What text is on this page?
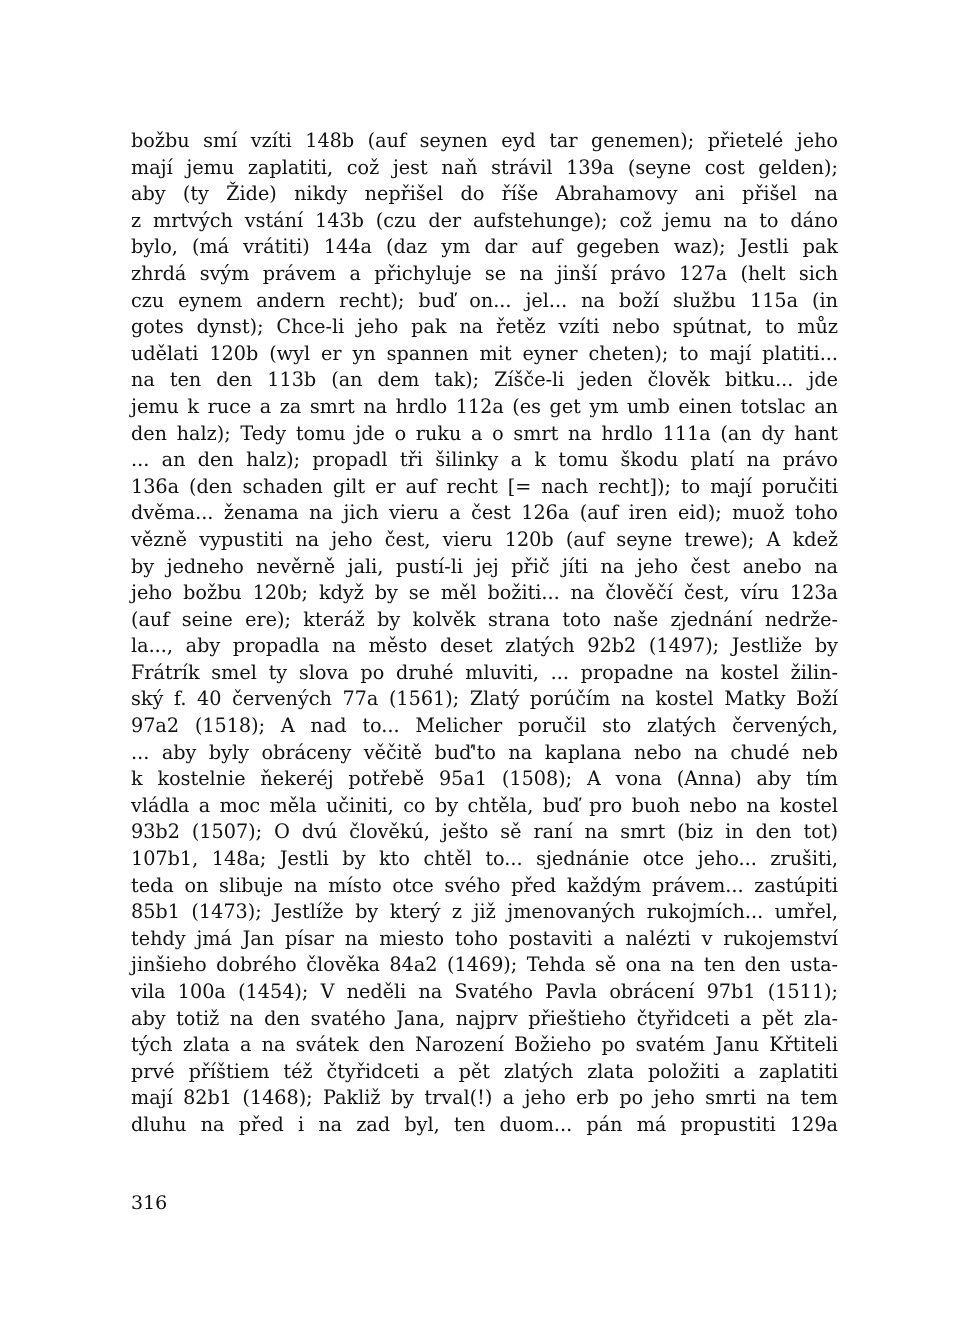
božbu smí vzíti 148b (auf seynen eyd tar genemen); přietelé jeho
mají jemu zaplatiti, což jest naň strávil 139a (seyne cost gelden);
aby (ty Žide) nikdy nepřišel do říše Abrahamovy ani přišel na
z mrtvých vstání 143b (czu der aufstehunge); což jemu na to dáno
bylo, (má vrátiti) 144a (daz ym dar auf gegeben waz); Jestli pak
zhrdá svým právem a přichyluje se na jinší právo 127a (helt sich
czu eynem andern recht); buď on... jel... na boží službu 115a (in
gotes dynst); Chce-li jeho pak na řetěz vzíti nebo spútnat, to můz
udělati 120b (wyl er yn spannen mit eyner cheten); to mají platiti...
na ten den 113b (an dem tak); Zíšče-li jeden člověk bitku... jde
jemu k ruce a za smrt na hrdlo 112a (es get ym umb einen totslac an
den halz); Tedy tomu jde o ruku a o smrt na hrdlo 111a (an dy hant
... an den halz); propadl tři šilinky a k tomu škodu platí na právo
136a (den schaden gilt er auf recht [= nach recht]); to mají poručiti
dvěma... ženama na jich vieru a čest 126a (auf iren eid); muož toho
vězně vypustiti na jeho čest, vieru 120b (auf seyne trewe); A kdež
by jedneho nevěrně jali, pustí-li jej přič jíti na jeho čest anebo na
jeho božbu 120b; když by se měl božiti... na člověčí čest, víru 123a
(auf seine ere); kteráž by kolvěk strana toto naše zjednání nedrže-
la..., aby propadla na město deset zlatých 92b2 (1497); Jestliže by
Frátrík smel ty slova po druhé mluviti, ... propadne na kostel žilin-
ský f. 40 červených 77a (1561); Zlatý porúčím na kostel Matky Boží
97a2 (1518); A nad to... Melicher poručil sto zlatých červených,
... aby byly obráceny věčitě buď'to na kaplana nebo na chudé neb
k kostelnie ňekeréj potřebě 95a1 (1508); A vona (Anna) aby tím
vládla a moc měla učiniti, co by chtěla, buď pro buoh nebo na kostel
93b2 (1507); O dvú člověkú, ješto sě raní na smrt (biz in den tot)
107b1, 148a; Jestli by kto chtěl to... sjednánie otce jeho... zrušiti,
teda on slibuje na místo otce svého před každým právem... zastúpiti
85b1 (1473); Jestlíže by který z již jmenovaných rukojmích... umřel,
tehdy jmá Jan písar na miesto toho postaviti a nalézti v rukojemství
jinšieho dobrého člověka 84a2 (1469); Tehda sě ona na ten den usta-
vila 100a (1454); V neděli na Svatého Pavla obrácení 97b1 (1511);
aby totiž na den svatého Jana, najprv přieštieho čtyřidceti a pět zla-
tých zlata a na svátek den Narození Božieho po svatém Janu Křtiteli
prvé příštiem též čtyřidceti a pět zlatých zlata položiti a zaplatiti
mají 82b1 (1468); Pakliž by trval(!) a jeho erb po jeho smrti na tem
dluhu na před i na zad byl, ten duom... pán má propustiti 129a
316
